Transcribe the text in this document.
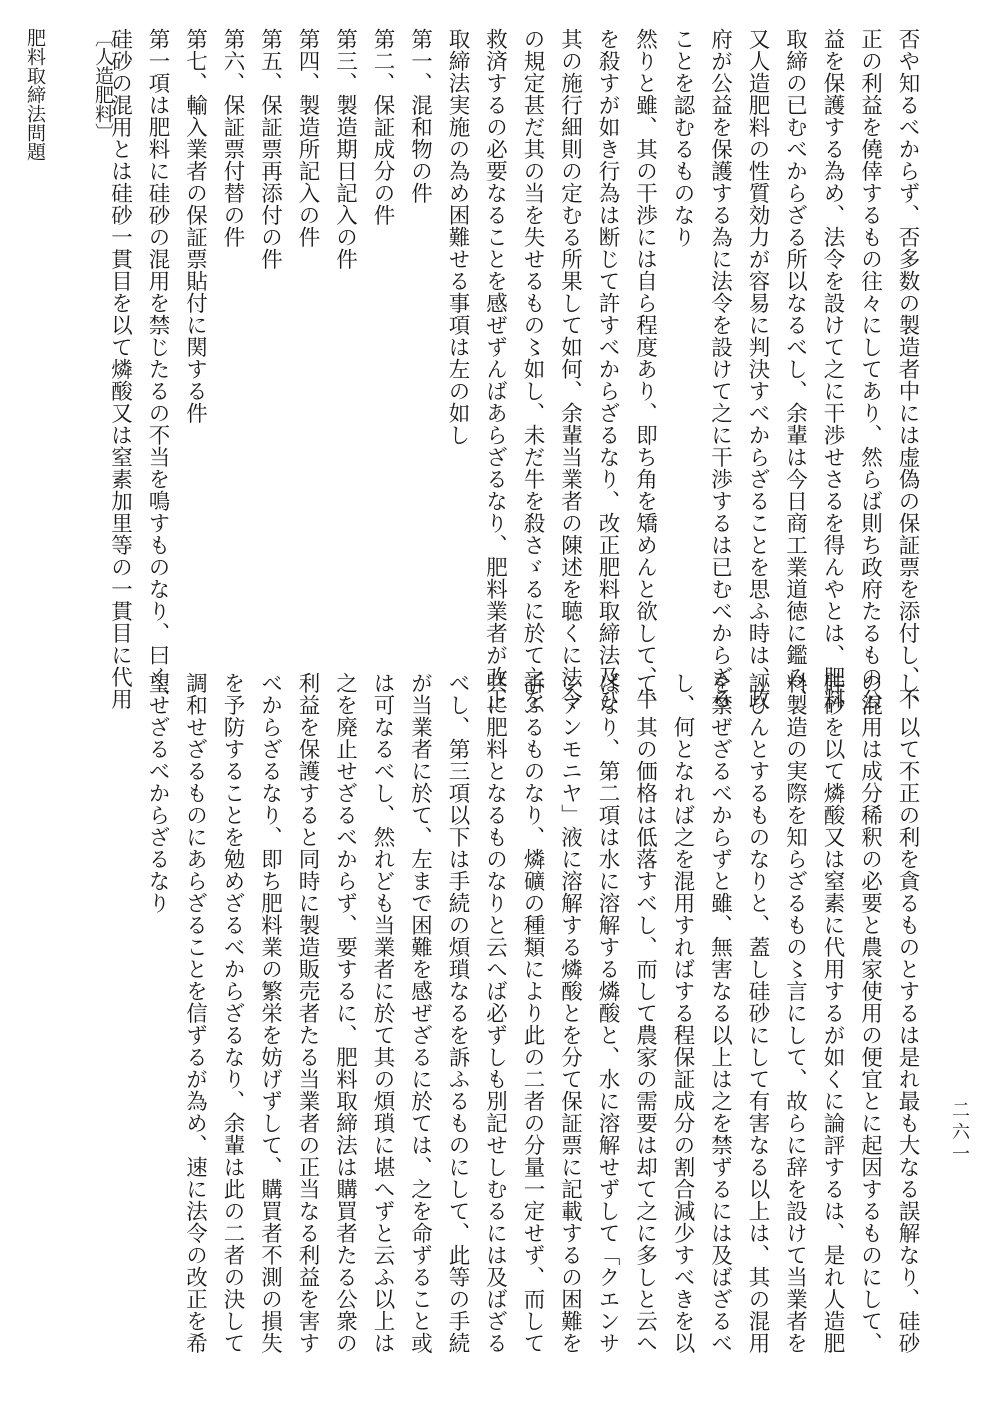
否や知るべからず、否多数の製造者中には虚偽の保証票を添付し、不
正の利益を僥倖するもの往々にしてあり、然らば則ち政府たるもの公
益を保護する為め、法令を設けて之に干渉せさるを得んやとは、肥料
取締の已むべからざる所以なるべし、余輩は今日商工業道徳に鑑み、
又人造肥料の性質効力が容易に判決すべからざることを思ふ時は、政
府が公益を保護する為に法令を設けて之に干渉するは已むべからざる
ことを認むるものなり
然りと雖、其の干渉には自ら程度あり、即ち角を矯めんと欲して、牛
を殺すが如き行為は断じて許すべからざるなり、改正肥料取締法及び
其の施行細則の定むる所果して如何、余輩当業者の陳述を聴くに法令
の規定甚だ其の当を失せるもの〻如し、未だ牛を殺さゞるに於て之を
救済するの必要なることを感ぜずんばあらざるなり、肥料業者が改正
取締法実施の為め困難せる事項は左の如し
第一、混和物の件
第二、保証成分の件
第三、製造期日記入の件
第四、製造所記入の件
第五、保証票再添付の件
第六、保証票付替の件
第七、輸入業者の保証票貼付に関する件
第一項は肥料に硅砂の混用を禁じたるの不当を鳴すものなり、曰く、
硅砂の混用とは硅砂一貫目を以て燐酸又は窒素加里等の一貫目に代用
し、以て不正の利を貪るものとするは是れ最も大なる誤解なり、硅砂
の混用は成分稀釈の必要と農家使用の便宜とに起因するものにして、
硅砂を以て燐酸又は窒素に代用するが如くに論評するは、是れ人造肥
料製造の実際を知らざるもの〻言にして、故らに辞を設けて当業者を
誣ひんとするものなりと、蓋し硅砂にして有害なる以上は、其の混用
を禁ぜざるべからずと雖、無害なる以上は之を禁ずるには及ばざるべ
し、何となれば之を混用すればする程保証成分の割合減少すべきを以
て、其の価格は低落すべし、而して農家の需要は却て之に多しと云へ
ばなり、第二項は水に溶解する燐酸と、水に溶解せずして「クエンサ
ンアンモニヤ」液に溶解する燐酸とを分て保証票に記載するの困難を
訴ふるものなり、燐礦の種類により此の二者の分量一定せず、而して
共に肥料となるものなりと云へば必ずしも別記せしむるには及ばざる
べし、第三項以下は手続の煩瑣なるを訴ふるものにして、此等の手続
が当業者に於て、左まで困難を感ぜざるに於ては、之を命ずること或
は可なるべし、然れども当業者に於て其の煩瑣に堪へずと云ふ以上は
之を廃止せざるべからず、要するに、肥料取締法は購買者たる公衆の
利益を保護すると同時に製造販売者たる当業者の正当なる利益を害す
べからざるなり、即ち肥料業の繁栄を妨げずして、購買者不測の損失
を予防することを勉めざるべからざるなり、余輩は此の二者の決して
調和せざるものにあらざることを信ずるが為め、速に法令の改正を希
望せざるべからざるなり
〔人造肥料〕

肥料取締法問題

二六一
